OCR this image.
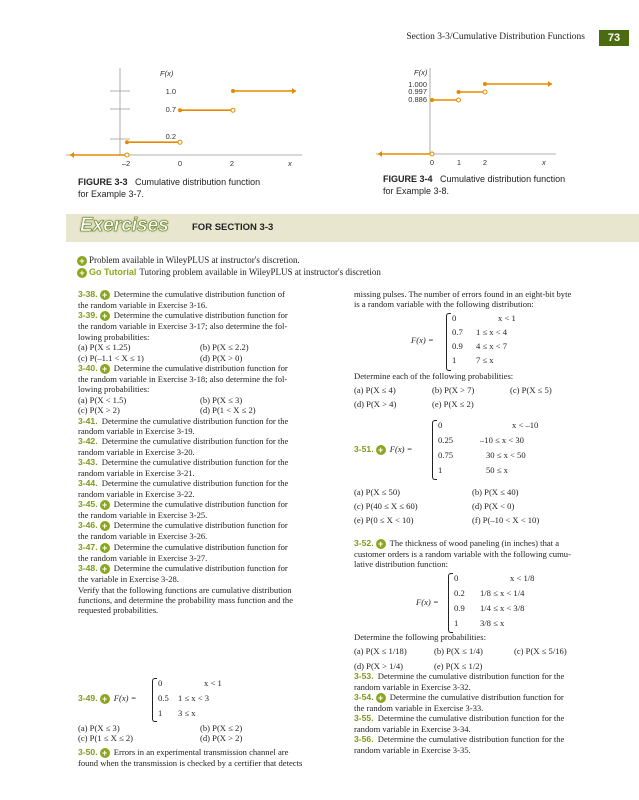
Section 3-3/Cumulative Distribution Functions	73
F(x)
1.0
0.7
0.2
–2	0	2	x
FIGURE 3-3 Cumulative distribution function
for Example 3-7.
F(x)
1.000
0.997
0.886
0	1	2	x
FIGURE 3-4 Cumulative distribution function
for Example 3-8.
Exercises FOR SECTION 3-3
+ Problem available in WileyPLUS at instructor's discretion.
+ Go Tutorial Tutoring problem available in WileyPLUS at instructor's discretion

3-38. + Determine the cumulative distribution function of

the random variable in Exercise 3-16.

3-39. + Determine the cumulative distribution function for

the random variable in Exercise 3-17; also determine the fol-

lowing probabilities:

(a) P(X ≤ 1.25)	(b) P(X ≤ 2.2)
(c) P(–1.1 < X ≤ 1)	(d) P(X > 0)

3-40. + Determine the cumulative distribution function for

the random variable in Exercise 3-18; also determine the fol-

lowing probabilities:

(a) P(X < 1.5)	(b) P(X ≤ 3)
(c) P(X > 2)	(d) P(1 < X ≤ 2)

3-41. Determine the cumulative distribution function for the

random variable in Exercise 3-19.

3-42. Determine the cumulative distribution function for the

random variable in Exercise 3-20.

3-43. Determine the cumulative distribution function for the

random variable in Exercise 3-21.

3-44. Determine the cumulative distribution function for the

random variable in Exercise 3-22.

3-45. + Determine the cumulative distribution function for

the random variable in Exercise 3-25.

3-46. + Determine the cumulative distribution function for

the random variable in Exercise 3-26.

3-47. + Determine the cumulative distribution function for

the random variable in Exercise 3-27.

3-48. + Determine the cumulative distribution function for

the variable in Exercise 3-28.

Verify that the following functions are cumulative distribution

functions, and determine the probability mass function and the

requested probabilities.

3-49. + F(x) =
0	x < 1
0.5 1 ≤ x < 3
1 3 ≤ x
(a) P(X ≤ 3)	(b) P(X ≤ 2)
(c) P(1 ≤ X ≤ 2)	(d) P(X > 2)

3-50. + Errors in an experimental transmission channel are

found when the transmission is checked by a certifier that detects

missing pulses. The number of errors found in an eight-bit byte

is a random variable with the following distribution:

F(x) =
0	x < 1
0.7 1 ≤ x < 4
0.9 4 ≤ x < 7
1 7 ≤ x

Determine each of the following probabilities:

(a) P(X ≤ 4)	(b) P(X > 7)	(c) P(X ≤ 5)
(d) P(X > 4)	(e) P(X ≤ 2)
3-51. + F(x) =
0	x < –10
0.25	–10 ≤ x < 30
0.75	30 ≤ x < 50
1	50 ≤ x
(a) P(X ≤ 50)	(b) P(X ≤ 40)
(c) P(40 ≤ X ≤ 60)	(d) P(X < 0)
(e) P(0 ≤ X < 10)	(f) P(–10 < X < 10)

3-52. + The thickness of wood paneling (in inches) that a

customer orders is a random variable with the following cumu-

lative distribution function:

F(x) =
0	x < 1/8
0.2 1/8 ≤ x < 1/4
0.9 1/4 ≤ x < 3/8
1	3/8 ≤ x

Determine the following probabilities:

(a) P(X ≤ 1/18)	(b) P(X ≤ 1/4)	(c) P(X ≤ 5/16)
(d) P(X > 1/4)	(e) P(X ≤ 1/2)

3-53. Determine the cumulative distribution function for the

random variable in Exercise 3-32.

3-54. + Determine the cumulative distribution function for

the random variable in Exercise 3-33.

3-55. Determine the cumulative distribution function for the

random variable in Exercise 3-34.

3-56. Determine the cumulative distribution function for the

random variable in Exercise 3-35.
